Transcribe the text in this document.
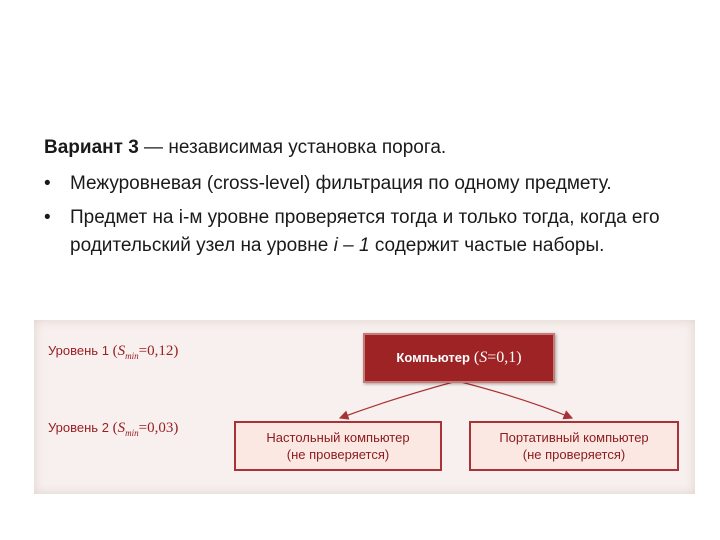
Вариант 3 — независимая установка порога.
•	Межуровневая (cross-level) фильтрация по одному предмету.
•	Предмет на i-м уровне проверяется тогда и только тогда, когда его родительский узел на уровне i – 1 содержит частые наборы.
Уровень 1 $(S_{min}=0,12)$
Уровень 2 $(S_{min}=0,03)$
Компьютер (S=0,1)
Настольный компьютер
(не проверяется)
Портативный компьютер
(не проверяется)
